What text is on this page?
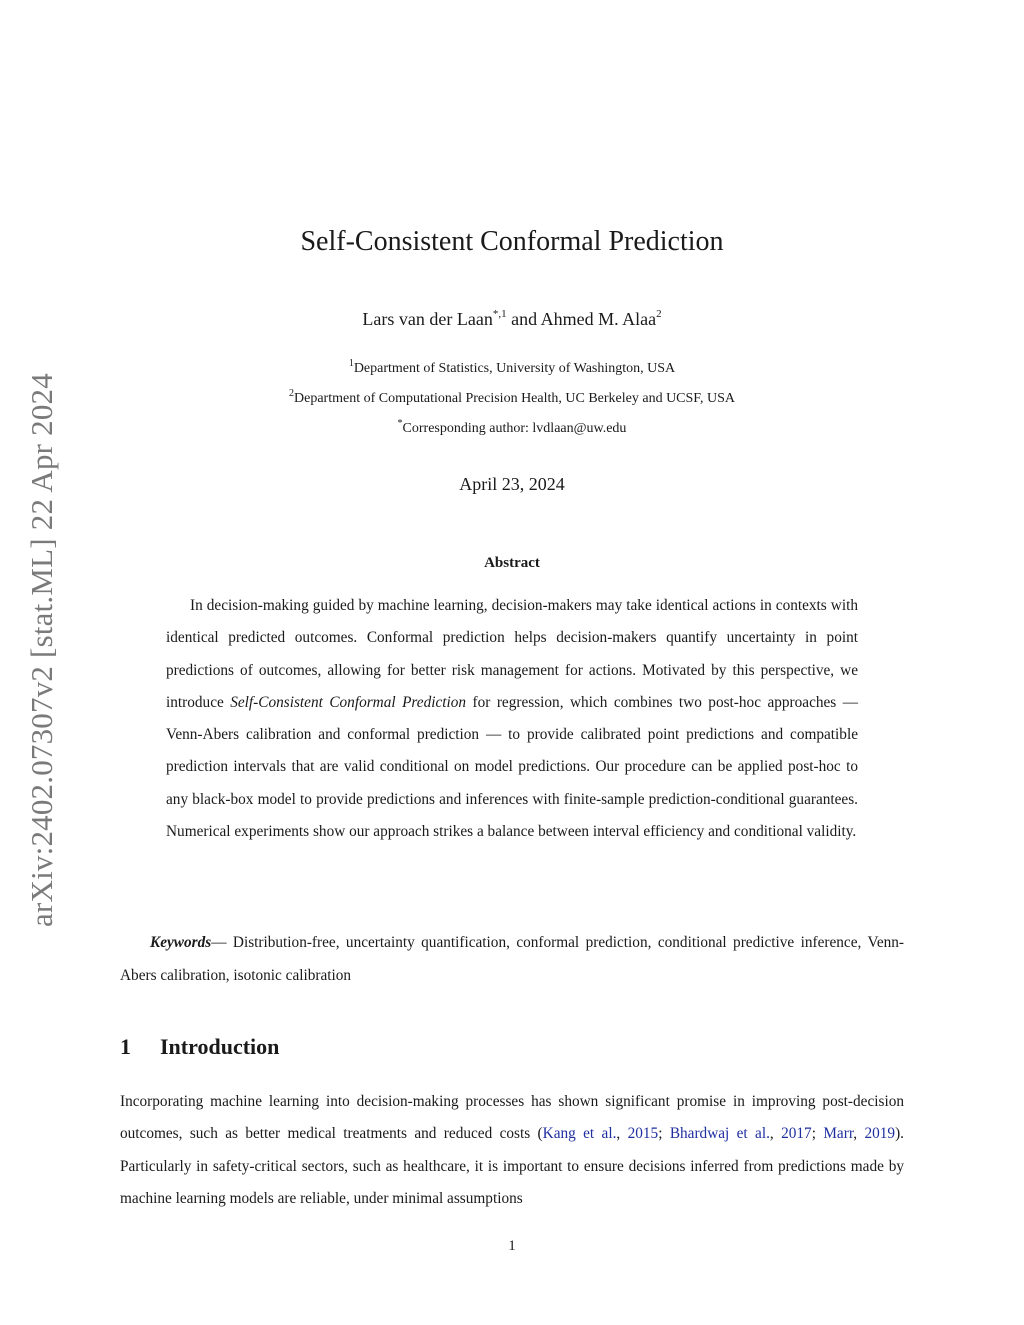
arXiv:2402.07307v2 [stat.ML] 22 Apr 2024
Self-Consistent Conformal Prediction
Lars van der Laan$^{*,1}$ and Ahmed M. Alaa$^2$
$^1$Department of Statistics, University of Washington, USA
$^2$Department of Computational Precision Health, UC Berkeley and UCSF, USA
*Corresponding author: lvdlaan@uw.edu
April 23, 2024
Abstract

In decision-making guided by machine learning, decision-makers may take identical actions in contexts with identical predicted outcomes. Conformal prediction helps decision-makers quantify uncertainty in point predictions of outcomes, allowing for better risk management for actions. Motivated by this perspective, we introduce Self-Consistent Conformal Prediction for regression, which combines two post-hoc approaches — Venn-Abers calibration and conformal prediction — to provide calibrated point predictions and compatible prediction intervals that are valid conditional on model predictions. Our procedure can be applied post-hoc to any black-box model to provide predictions and inferences with finite-sample prediction-conditional guarantees. Numerical experiments show our approach strikes a balance between interval efficiency and conditional validity.

Keywords— Distribution-free, uncertainty quantification, conformal prediction, conditional predictive inference, Venn-Abers calibration, isotonic calibration

1 Introduction

Incorporating machine learning into decision-making processes has shown significant promise in improving post-decision outcomes, such as better medical treatments and reduced costs (Kang et al., 2015; Bhardwaj et al., 2017; Marr, 2019). Particularly in safety-critical sectors, such as healthcare, it is important to ensure decisions inferred from predictions made by machine learning models are reliable, under minimal assumptions

1
